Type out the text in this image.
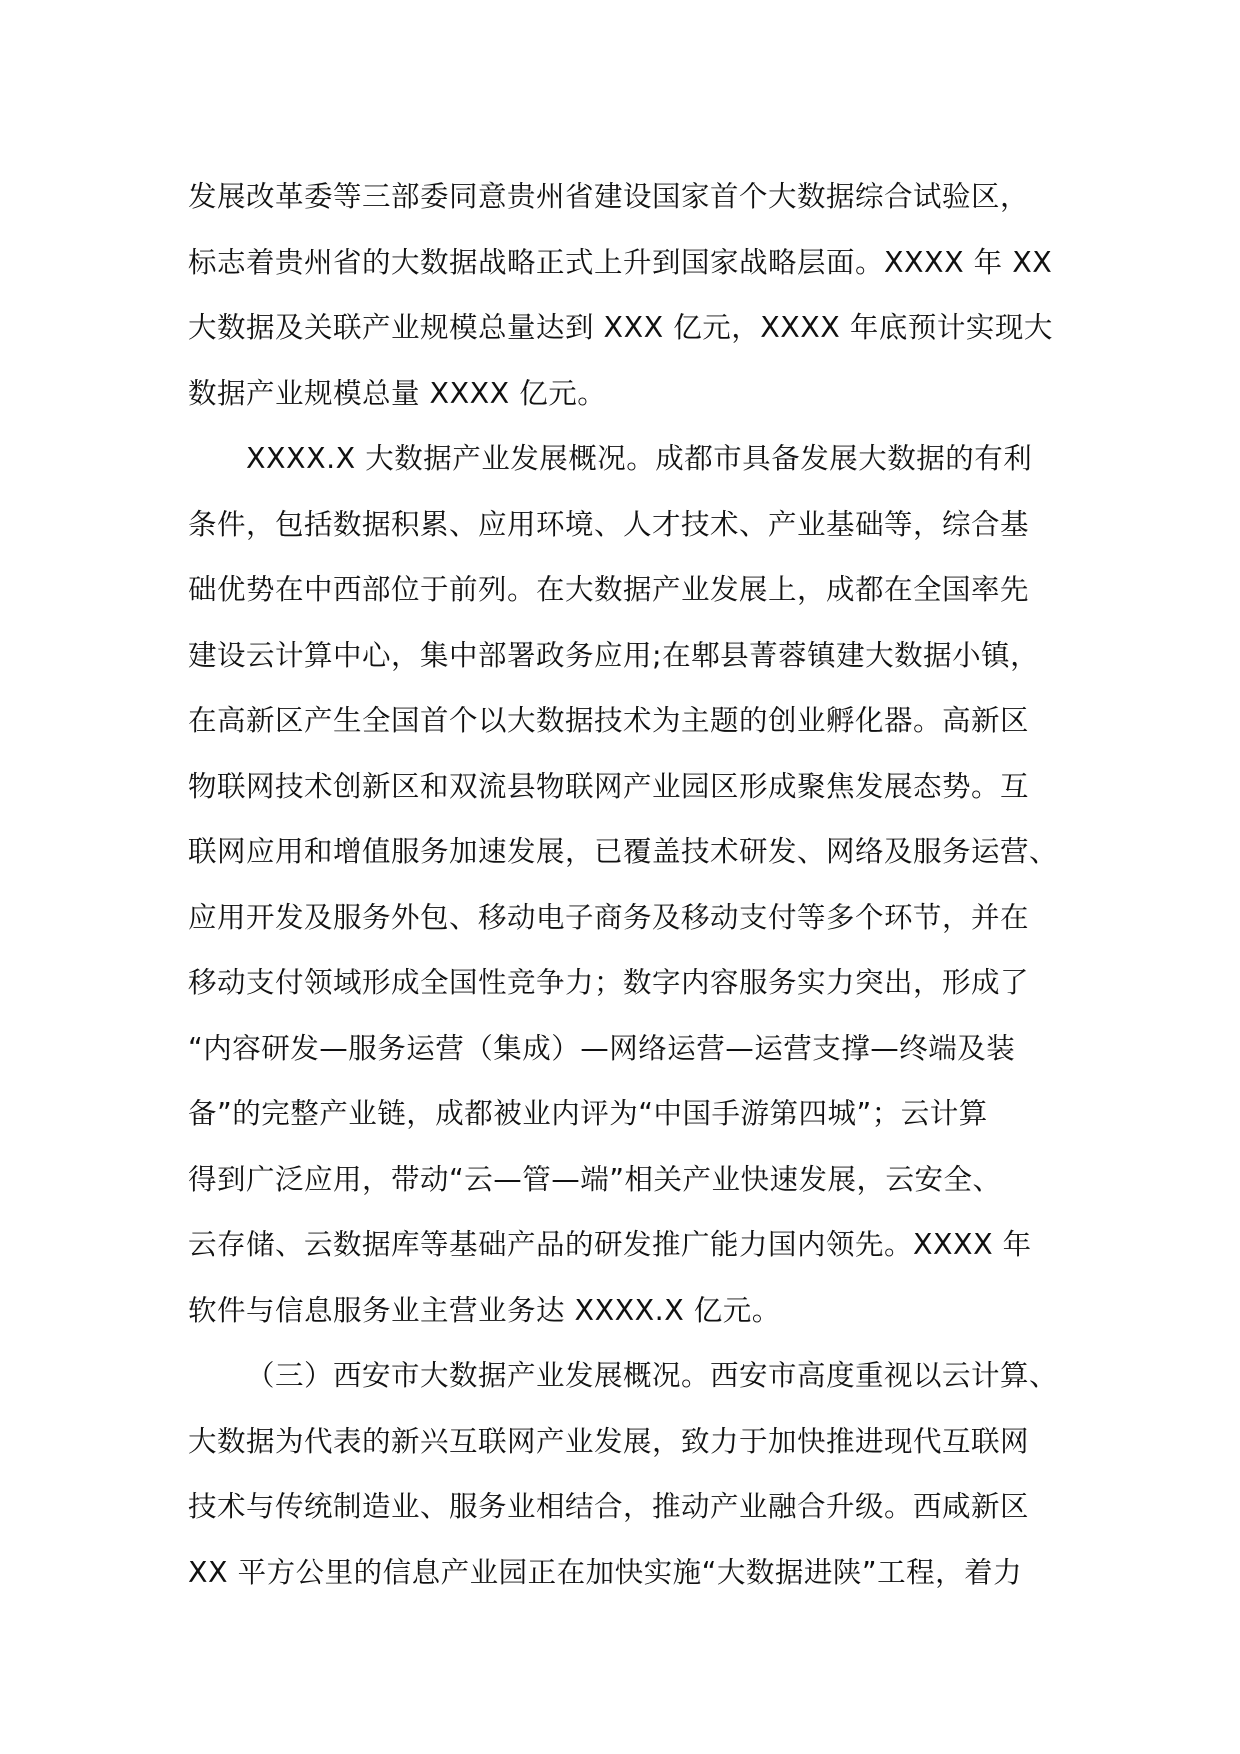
发展改革委等三部委同意贵州省建设国家首个大数据综合试验区，
标志着贵州省的大数据战略正式上升到国家战略层面。XXXX 年 XX
大数据及关联产业规模总量达到 XXX 亿元，XXXX 年底预计实现大
数据产业规模总量 XXXX 亿元。

XXXX.X 大数据产业发展概况。成都市具备发展大数据的有利
条件，包括数据积累、应用环境、人才技术、产业基础等，综合基
础优势在中西部位于前列。在大数据产业发展上，成都在全国率先
建设云计算中心，集中部署政务应用;在郫县菁蓉镇建大数据小镇，
在高新区产生全国首个以大数据技术为主题的创业孵化器。高新区
物联网技术创新区和双流县物联网产业园区形成聚焦发展态势。互
联网应用和增值服务加速发展，已覆盖技术研发、网络及服务运营、
应用开发及服务外包、移动电子商务及移动支付等多个环节，并在
移动支付领域形成全国性竞争力；数字内容服务实力突出，形成了
“内容研发—服务运营（集成）—网络运营—运营支撑—终端及装
备”的完整产业链，成都被业内评为“中国手游第四城”；云计算
得到广泛应用，带动“云—管—端”相关产业快速发展，云安全、
云存储、云数据库等基础产品的研发推广能力国内领先。XXXX 年
软件与信息服务业主营业务达 XXXX.X 亿元。

（三）西安市大数据产业发展概况。西安市高度重视以云计算、
大数据为代表的新兴互联网产业发展，致力于加快推进现代互联网
技术与传统制造业、服务业相结合，推动产业融合升级。西咸新区
XX 平方公里的信息产业园正在加快实施“大数据进陕”工程，着力
